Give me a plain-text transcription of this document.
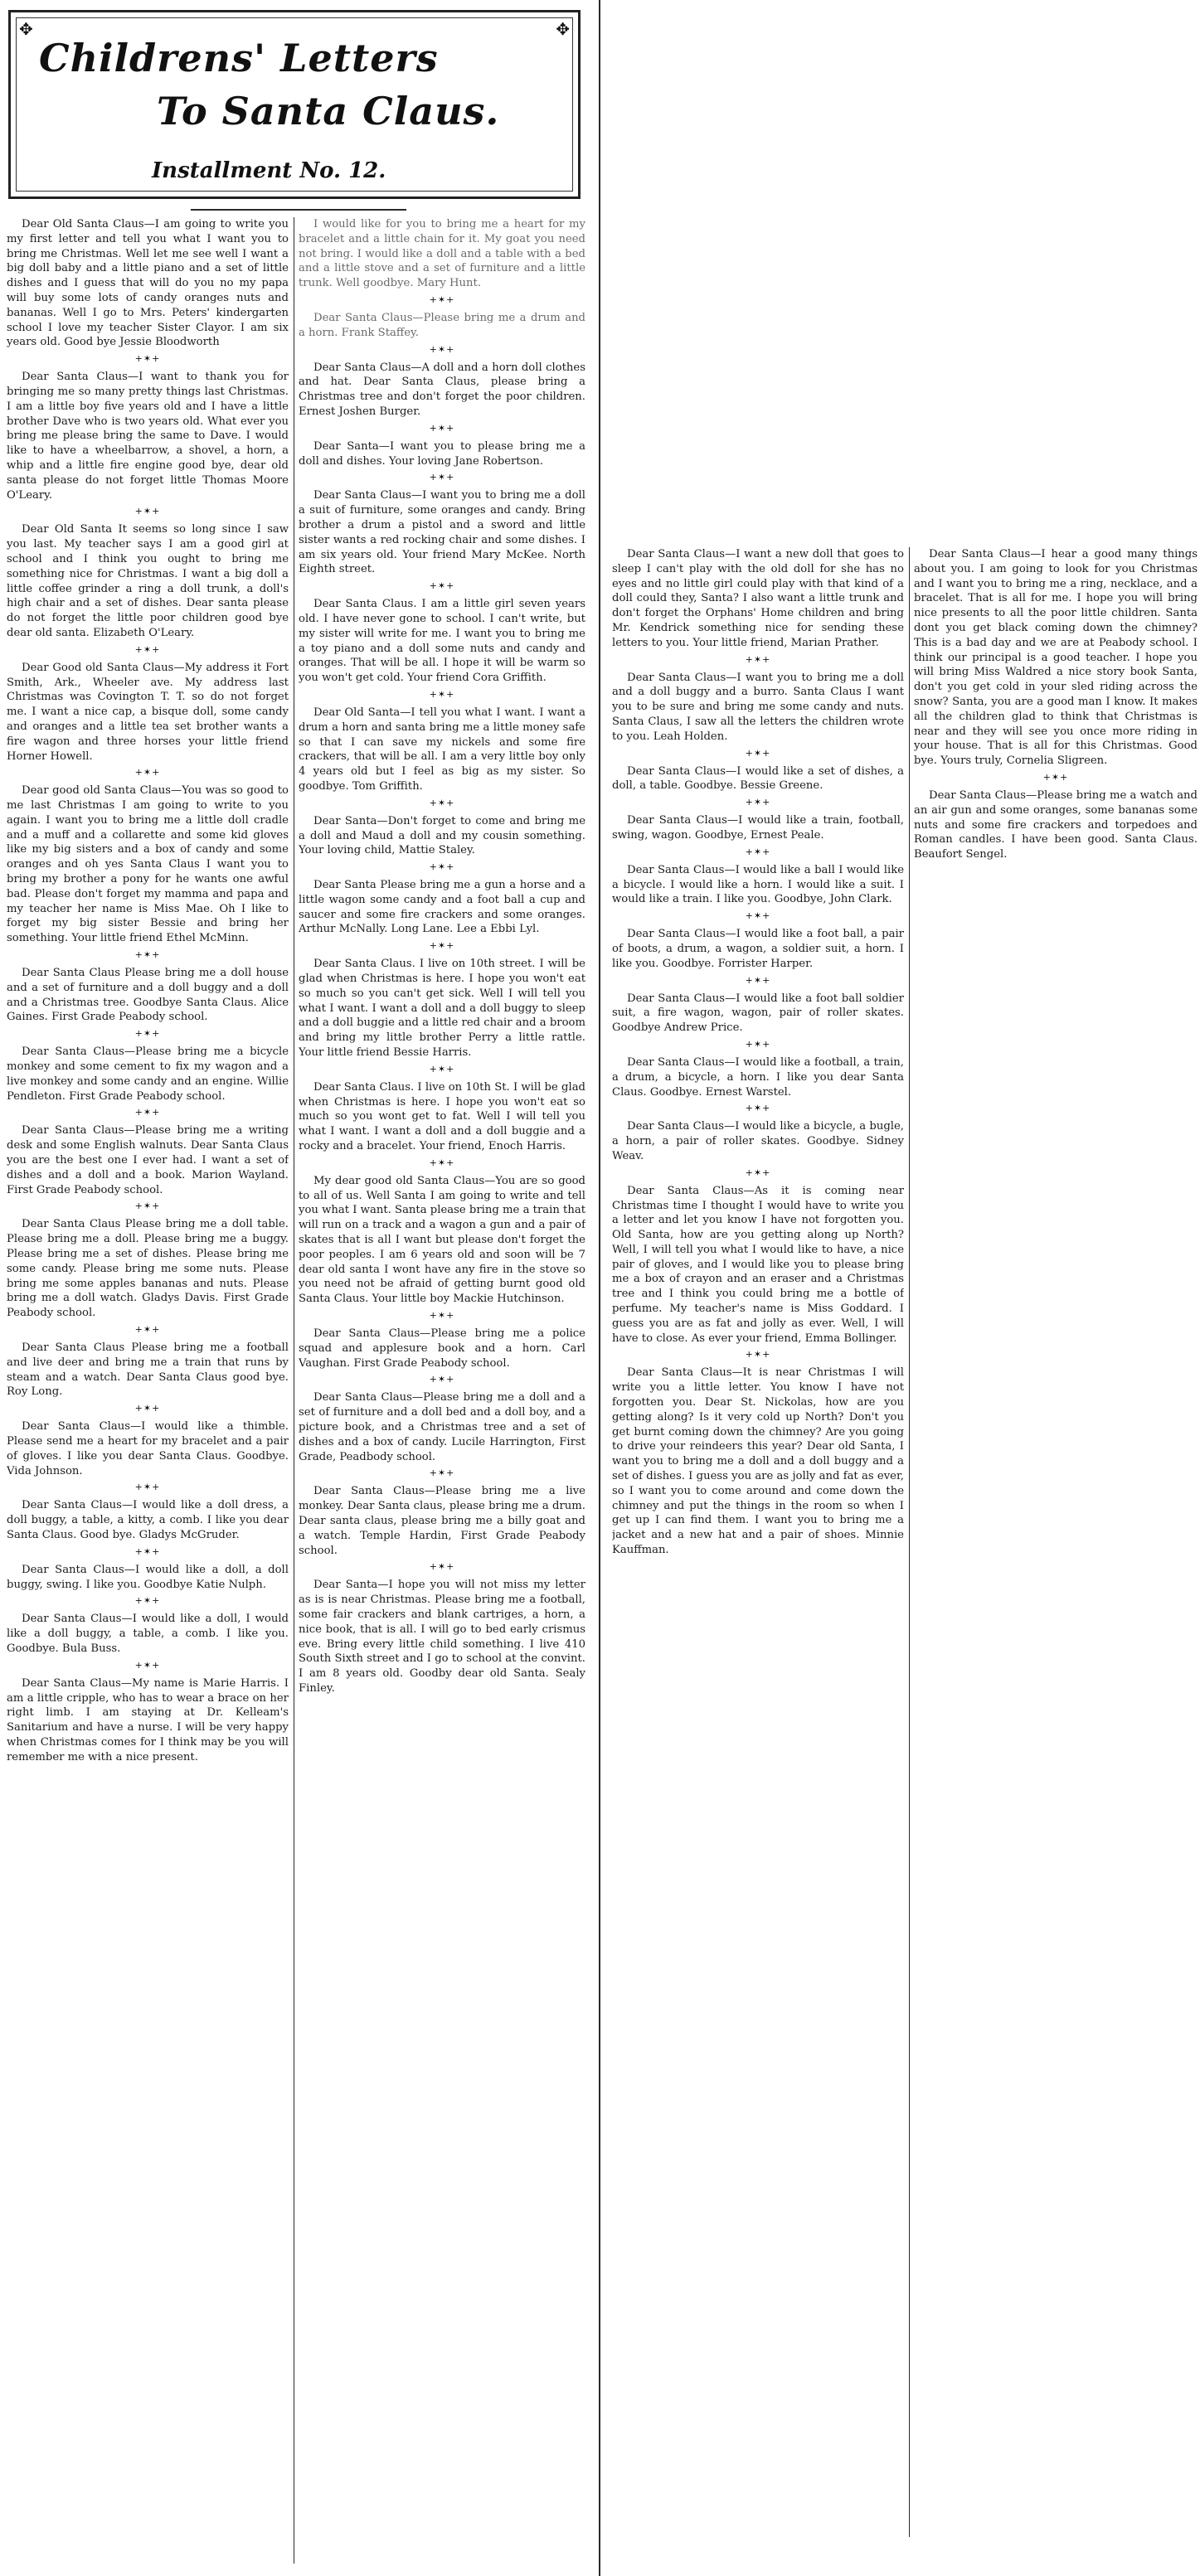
✥	✥
Childrens' Letters
To Santa Claus.
Installment No. 12.

Dear Old Santa Claus—I am going to write you my first letter and tell you what I want you to bring me Christmas. Well let me see well I want a big doll baby and a little piano and a set of little dishes and I guess that will do you no my papa will buy some lots of candy oranges nuts and bananas. Well I go to Mrs. Peters' kindergarten school I love my teacher Sister Clayor. I am six years old. Good bye Jessie Bloodworth

+✶+

Dear Santa Claus—I want to thank you for bringing me so many pretty things last Christmas. I am a little boy five years old and I have a little brother Dave who is two years old. What ever you bring me please bring the same to Dave. I would like to have a wheelbarrow, a shovel, a horn, a whip and a little fire engine good bye, dear old santa please do not forget little Thomas Moore O'Leary.

+✶+

Dear Old Santa It seems so long since I saw you last. My teacher says I am a good girl at school and I think you ought to bring me something nice for Christmas. I want a big doll a little coffee grinder a ring a doll trunk, a doll's high chair and a set of dishes. Dear santa please do not forget the little poor children good bye dear old santa. Elizabeth O'Leary.

+✶+

Dear Good old Santa Claus—My address it Fort Smith, Ark., Wheeler ave. My address last Christmas was Covington T. T. so do not forget me. I want a nice cap, a bisque doll, some candy and oranges and a little tea set brother wants a fire wagon and three horses your little friend Horner Howell.

+✶+

Dear good old Santa Claus—You was so good to me last Christmas I am going to write to you again. I want you to bring me a little doll cradle and a muff and a collarette and some kid gloves like my big sisters and a box of candy and some oranges and oh yes Santa Claus I want you to bring my brother a pony for he wants one awful bad. Please don't forget my mamma and papa and my teacher her name is Miss Mae. Oh I like to forget my big sister Bessie and bring her something. Your little friend Ethel McMinn.

+✶+

Dear Santa Claus Please bring me a doll house and a set of furniture and a doll buggy and a doll and a Christmas tree. Goodbye Santa Claus. Alice Gaines. First Grade Peabody school.

+✶+

Dear Santa Claus—Please bring me a bicycle monkey and some cement to fix my wagon and a live monkey and some candy and an engine. Willie Pendleton. First Grade Peabody school.

+✶+

Dear Santa Claus—Please bring me a writing desk and some English walnuts. Dear Santa Claus you are the best one I ever had. I want a set of dishes and a doll and a book. Marion Wayland. First Grade Peabody school.

+✶+

Dear Santa Claus Please bring me a doll table. Please bring me a doll. Please bring me a buggy. Please bring me a set of dishes. Please bring me some candy. Please bring me some nuts. Please bring me some apples bananas and nuts. Please bring me a doll watch. Gladys Davis. First Grade Peabody school.

+✶+

Dear Santa Claus Please bring me a football and live deer and bring me a train that runs by steam and a watch. Dear Santa Claus good bye. Roy Long.

+✶+

Dear Santa Claus—I would like a thimble. Please send me a heart for my bracelet and a pair of gloves. I like you dear Santa Claus. Goodbye. Vida Johnson.

+✶+

Dear Santa Claus—I would like a doll dress, a doll buggy, a table, a kitty, a comb. I like you dear Santa Claus. Good bye. Gladys McGruder.

+✶+

Dear Santa Claus—I would like a doll, a doll buggy, swing. I like you. Goodbye Katie Nulph.

+✶+

Dear Santa Claus—I would like a doll, I would like a doll buggy, a table, a comb. I like you. Goodbye. Bula Buss.

+✶+

Dear Santa Claus—My name is Marie Harris. I am a little cripple, who has to wear a brace on her right limb. I am staying at Dr. Kelleam's Sanitarium and have a nurse. I will be very happy when Christmas comes for I think may be you will remember me with a nice present.

I would like for you to bring me a heart for my bracelet and a little chain for it. My goat you need not bring. I would like a doll and a table with a bed and a little stove and a set of furniture and a little trunk. Well goodbye. Mary Hunt.

+✶+

Dear Santa Claus—Please bring me a drum and a horn. Frank Staffey.

+✶+

Dear Santa Claus—A doll and a horn doll clothes and hat. Dear Santa Claus, please bring a Christmas tree and don't forget the poor children. Ernest Joshen Burger.

+✶+

Dear Santa—I want you to please bring me a doll and dishes. Your loving Jane Robertson.

+✶+

Dear Santa Claus—I want you to bring me a doll a suit of furniture, some oranges and candy. Bring brother a drum a pistol and a sword and little sister wants a red rocking chair and some dishes. I am six years old. Your friend Mary McKee. North Eighth street.

+✶+

Dear Santa Claus. I am a little girl seven years old. I have never gone to school. I can't write, but my sister will write for me. I want you to bring me a toy piano and a doll some nuts and candy and oranges. That will be all. I hope it will be warm so you won't get cold. Your friend Cora Griffith.

+✶+

Dear Old Santa—I tell you what I want. I want a drum a horn and santa bring me a little money safe so that I can save my nickels and some fire crackers, that will be all. I am a very little boy only 4 years old but I feel as big as my sister. So goodbye. Tom Griffith.

+✶+

Dear Santa—Don't forget to come and bring me a doll and Maud a doll and my cousin something. Your loving child, Mattie Staley.

+✶+

Dear Santa Please bring me a gun a horse and a little wagon some candy and a foot ball a cup and saucer and some fire crackers and some oranges. Arthur McNally. Long Lane. Lee a Ebbi Lyl.

+✶+

Dear Santa Claus. I live on 10th street. I will be glad when Christmas is here. I hope you won't eat so much so you can't get sick. Well I will tell you what I want. I want a doll and a doll buggy to sleep and a doll buggie and a little red chair and a broom and bring my little brother Perry a little rattle. Your little friend Bessie Harris.

+✶+

Dear Santa Claus. I live on 10th St. I will be glad when Christmas is here. I hope you won't eat so much so you wont get to fat. Well I will tell you what I want. I want a doll and a doll buggie and a rocky and a bracelet. Your friend, Enoch Harris.

+✶+

My dear good old Santa Claus—You are so good to all of us. Well Santa I am going to write and tell you what I want. Santa please bring me a train that will run on a track and a wagon a gun and a pair of skates that is all I want but please don't forget the poor peoples. I am 6 years old and soon will be 7 dear old santa I wont have any fire in the stove so you need not be afraid of getting burnt good old Santa Claus. Your little boy Mackie Hutchinson.

+✶+

Dear Santa Claus—Please bring me a police squad and applesure book and a horn. Carl Vaughan. First Grade Peabody school.

+✶+

Dear Santa Claus—Please bring me a doll and a set of furniture and a doll bed and a doll boy, and a picture book, and a Christmas tree and a set of dishes and a box of candy. Lucile Harrington, First Grade, Peadbody school.

+✶+

Dear Santa Claus—Please bring me a live monkey. Dear Santa claus, please bring me a drum. Dear santa claus, please bring me a billy goat and a watch. Temple Hardin, First Grade Peabody school.

+✶+

Dear Santa—I hope you will not miss my letter as is is near Christmas. Please bring me a football, some fair crackers and blank cartriges, a horn, a nice book, that is all. I will go to bed early crismus eve. Bring every little child something. I live 410 South Sixth street and I go to school at the convint. I am 8 years old. Goodby dear old Santa. Sealy Finley.

Dear Santa Claus—I want a new doll that goes to sleep I can't play with the old doll for she has no eyes and no little girl could play with that kind of a doll could they, Santa? I also want a little trunk and don't forget the Orphans' Home children and bring Mr. Kendrick something nice for sending these letters to you. Your little friend, Marian Prather.

+✶+

Dear Santa Claus—I want you to bring me a doll and a doll buggy and a burro. Santa Claus I want you to be sure and bring me some candy and nuts. Santa Claus, I saw all the letters the children wrote to you. Leah Holden.

+✶+

Dear Santa Claus—I would like a set of dishes, a doll, a table. Goodbye. Bessie Greene.

+✶+

Dear Santa Claus—I would like a train, football, swing, wagon. Goodbye, Ernest Peale.

+✶+

Dear Santa Claus—I would like a ball I would like a bicycle. I would like a horn. I would like a suit. I would like a train. I like you. Goodbye, John Clark.

+✶+

Dear Santa Claus—I would like a foot ball, a pair of boots, a drum, a wagon, a soldier suit, a horn. I like you. Goodbye. Forrister Harper.

+✶+

Dear Santa Claus—I would like a foot ball soldier suit, a fire wagon, wagon, pair of roller skates. Goodbye Andrew Price.

+✶+

Dear Santa Claus—I would like a football, a train, a drum, a bicycle, a horn. I like you dear Santa Claus. Goodbye. Ernest Warstel.

+✶+

Dear Santa Claus—I would like a bicycle, a bugle, a horn, a pair of roller skates. Goodbye. Sidney Weav.

+✶+

Dear Santa Claus—As it is coming near Christmas time I thought I would have to write you a letter and let you know I have not forgotten you. Old Santa, how are you getting along up North? Well, I will tell you what I would like to have, a nice pair of gloves, and I would like you to please bring me a box of crayon and an eraser and a Christmas tree and I think you could bring me a bottle of perfume. My teacher's name is Miss Goddard. I guess you are as fat and jolly as ever. Well, I will have to close. As ever your friend, Emma Bollinger.

+✶+

Dear Santa Claus—It is near Christmas I will write you a little letter. You know I have not forgotten you. Dear St. Nickolas, how are you getting along? Is it very cold up North? Don't you get burnt coming down the chimney? Are you going to drive your reindeers this year? Dear old Santa, I want you to bring me a doll and a doll buggy and a set of dishes. I guess you are as jolly and fat as ever, so I want you to come around and come down the chimney and put the things in the room so when I get up I can find them. I want you to bring me a jacket and a new hat and a pair of shoes. Minnie Kauffman.

Dear Santa Claus—I hear a good many things about you. I am going to look for you Christmas and I want you to bring me a ring, necklace, and a bracelet. That is all for me. I hope you will bring nice presents to all the poor little children. Santa dont you get black coming down the chimney? This is a bad day and we are at Peabody school. I think our principal is a good teacher. I hope you will bring Miss Waldred a nice story book Santa, don't you get cold in your sled riding across the snow? Santa, you are a good man I know. It makes all the children glad to think that Christmas is near and they will see you once more riding in your house. That is all for this Christmas. Good bye. Yours truly, Cornelia Sligreen.

+✶+

Dear Santa Claus—Please bring me a watch and an air gun and some oranges, some bananas some nuts and some fire crackers and torpedoes and Roman candles. I have been good. Santa Claus. Beaufort Sengel.
